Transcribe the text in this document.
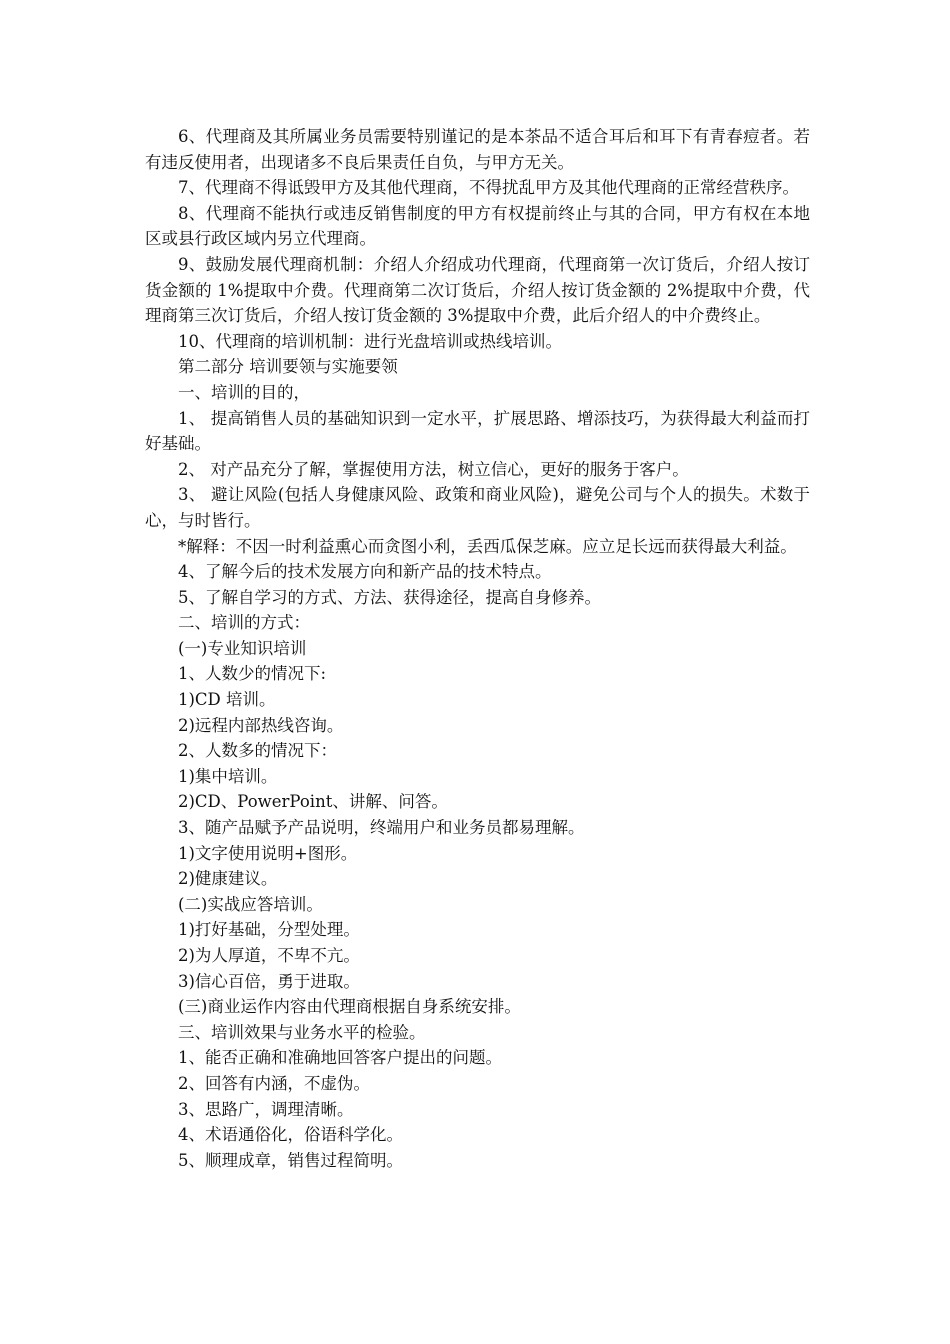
6、代理商及其所属业务员需要特别谨记的是本茶品不适合耳后和耳下有青春痘者。若有违反使用者，出现诸多不良后果责任自负，与甲方无关。

7、代理商不得诋毁甲方及其他代理商，不得扰乱甲方及其他代理商的正常经营秩序。

8、代理商不能执行或违反销售制度的甲方有权提前终止与其的合同，甲方有权在本地区或县行政区域内另立代理商。

9、鼓励发展代理商机制：介绍人介绍成功代理商，代理商第一次订货后，介绍人按订货金额的 1%提取中介费。代理商第二次订货后，介绍人按订货金额的 2%提取中介费，代理商第三次订货后，介绍人按订货金额的 3%提取中介费，此后介绍人的中介费终止。

10、代理商的培训机制：进行光盘培训或热线培训。

第二部分 培训要领与实施要领

一、培训的目的，

1、 提高销售人员的基础知识到一定水平，扩展思路、增添技巧，为获得最大利益而打好基础。

2、 对产品充分了解，掌握使用方法，树立信心，更好的服务于客户。

3、 避让风险(包括人身健康风险、政策和商业风险)，避免公司与个人的损失。术数于心，与时皆行。

*解释：不因一时利益熏心而贪图小利，丢西瓜保芝麻。应立足长远而获得最大利益。

4、了解今后的技术发展方向和新产品的技术特点。

5、了解自学习的方式、方法、获得途径，提高自身修养。

二、培训的方式：

(一)专业知识培训

1、人数少的情况下:

1)CD 培训。

2)远程内部热线咨询。

2、人数多的情况下：

1)集中培训。

2)CD、PowerPoint、讲解、问答。

3、随产品赋予产品说明，终端用户和业务员都易理解。

1)文字使用说明+图形。

2)健康建议。

(二)实战应答培训。

1)打好基础，分型处理。

2)为人厚道，不卑不亢。

3)信心百倍，勇于进取。

(三)商业运作内容由代理商根据自身系统安排。

三、培训效果与业务水平的检验。

1、能否正确和准确地回答客户提出的问题。

2、回答有内涵，不虚伪。

3、思路广，调理清晰。

4、术语通俗化，俗语科学化。

5、顺理成章，销售过程简明。
